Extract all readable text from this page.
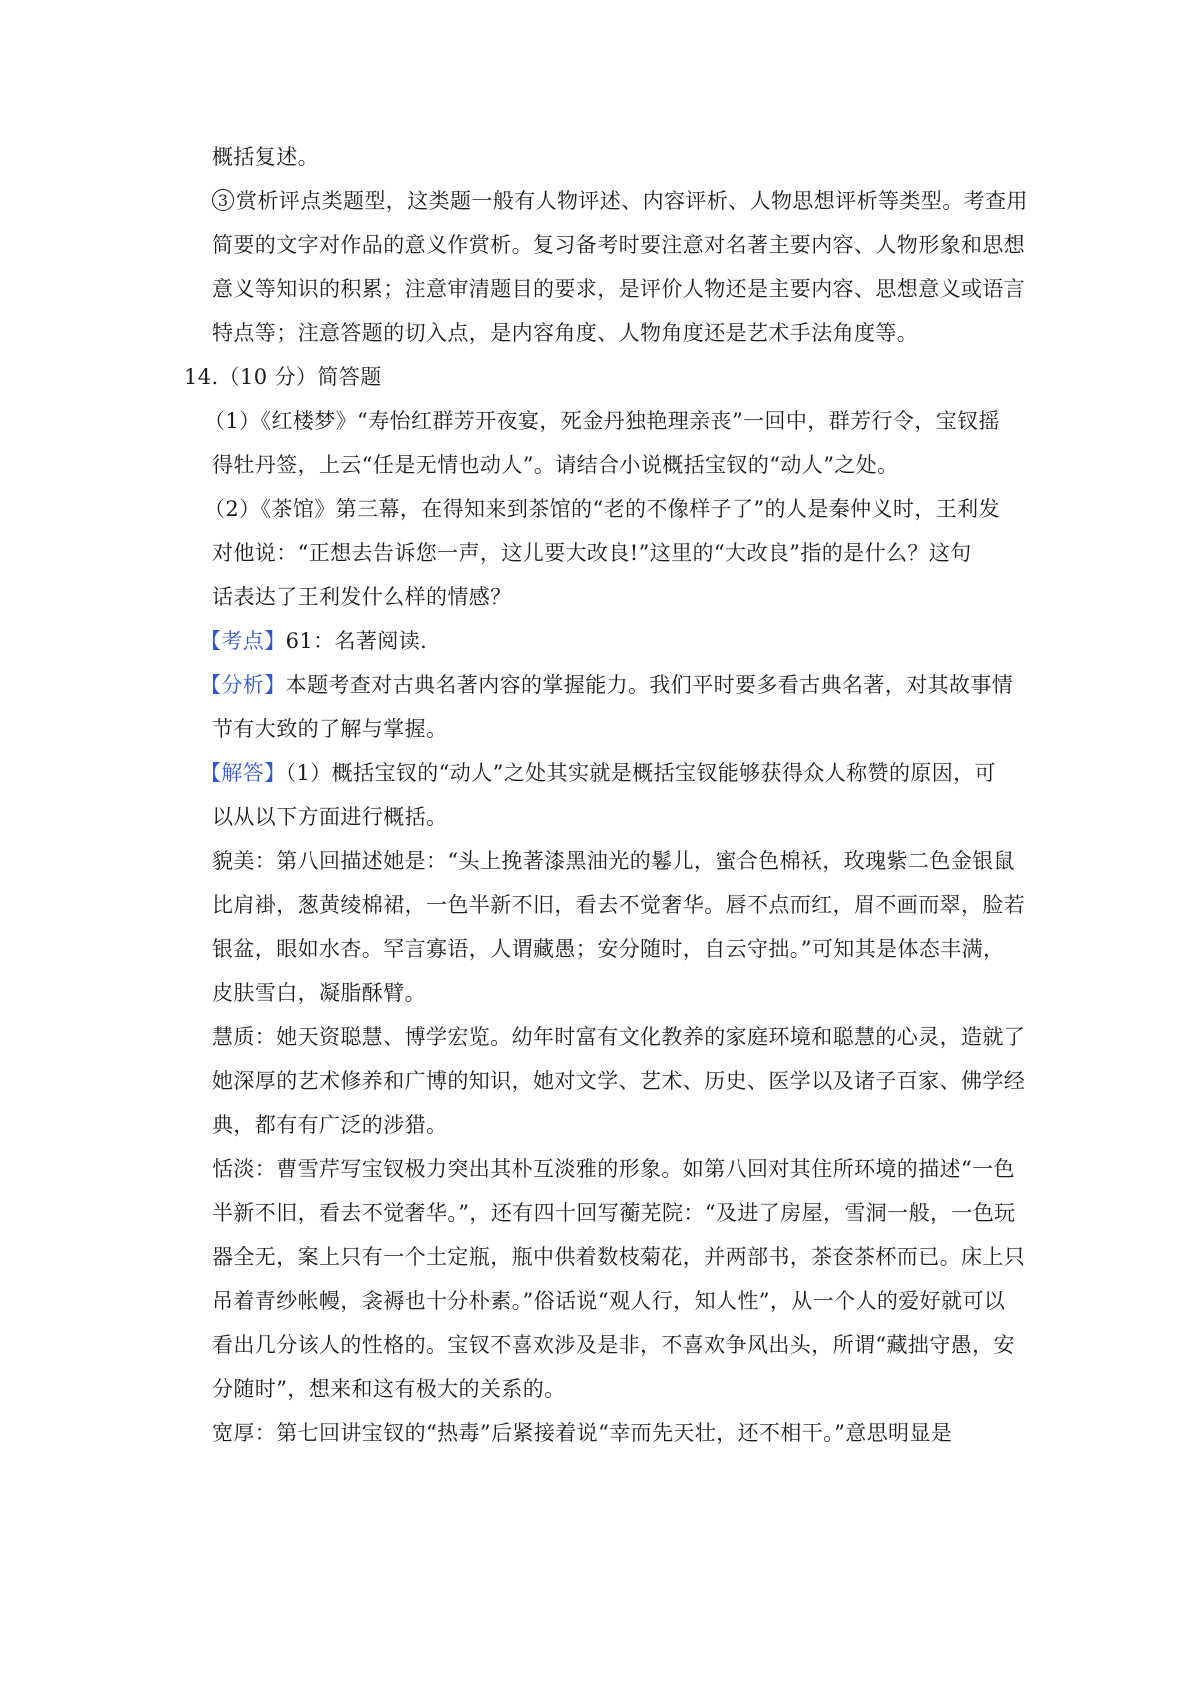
概括复述。
3 赏析评点类题型，这类题一般有人物评述、内容评析、人物思想评析等类型。考查用
简要的文字对作品的意义作赏析。复习备考时要注意对名著主要内容、人物形象和思想
意义等知识的积累；注意审清题目的要求，是评价人物还是主要内容、思想意义或语言
特点等；注意答题的切入点，是内容角度、人物角度还是艺术手法角度等。
14.（10 分）简答题
（1）《红楼梦》“寿怡红群芳开夜宴，死金丹独艳理亲丧”一回中，群芳行令，宝钗摇
得牡丹签，上云“任是无情也动人”。请结合小说概括宝钗的“动人”之处。
（2）《茶馆》第三幕，在得知来到茶馆的“老的不像样子了”的人是秦仲义时，王利发
对他说：“正想去告诉您一声，这儿要大改良!”这里的“大改良”指的是什么？这句
话表达了王利发什么样的情感？
【考点】61：名著阅读.
【分析】本题考查对古典名著内容的掌握能力。我们平时要多看古典名著，对其故事情
节有大致的了解与掌握。
【解答】（1）概括宝钗的“动人”之处其实就是概括宝钗能够获得众人称赞的原因，可
以从以下方面进行概括。
貌美：第八回描述她是：“头上挽著漆黑油光的鬈儿，蜜合色棉袄，玫瑰紫二色金银鼠
比肩褂，葱黄绫棉裙，一色半新不旧，看去不觉奢华。唇不点而红，眉不画而翠，脸若
银盆，眼如水杏。罕言寡语，人谓藏愚；安分随时，自云守拙。”可知其是体态丰满，
皮肤雪白，凝脂酥臂。
慧质：她天资聪慧、博学宏览。幼年时富有文化教养的家庭环境和聪慧的心灵，造就了
她深厚的艺术修养和广博的知识，她对文学、艺术、历史、医学以及诸子百家、佛学经
典，都有有广泛的涉猎。
恬淡：曹雪芹写宝钗极力突出其朴互淡雅的形象。如第八回对其住所环境的描述“一色
半新不旧，看去不觉奢华。”，还有四十回写蘅芜院：“及进了房屋，雪洞一般，一色玩
器全无，案上只有一个土定瓶，瓶中供着数枝菊花，并两部书，茶奁茶杯而已。床上只
吊着青纱帐幔，衾褥也十分朴素。”俗话说“观人行，知人性”，从一个人的爱好就可以
看出几分该人的性格的。宝钗不喜欢涉及是非，不喜欢争风出头，所谓“藏拙守愚，安
分随时”，想来和这有极大的关系的。
宽厚：第七回讲宝钗的“热毒”后紧接着说“幸而先天壮，还不相干。”意思明显是
